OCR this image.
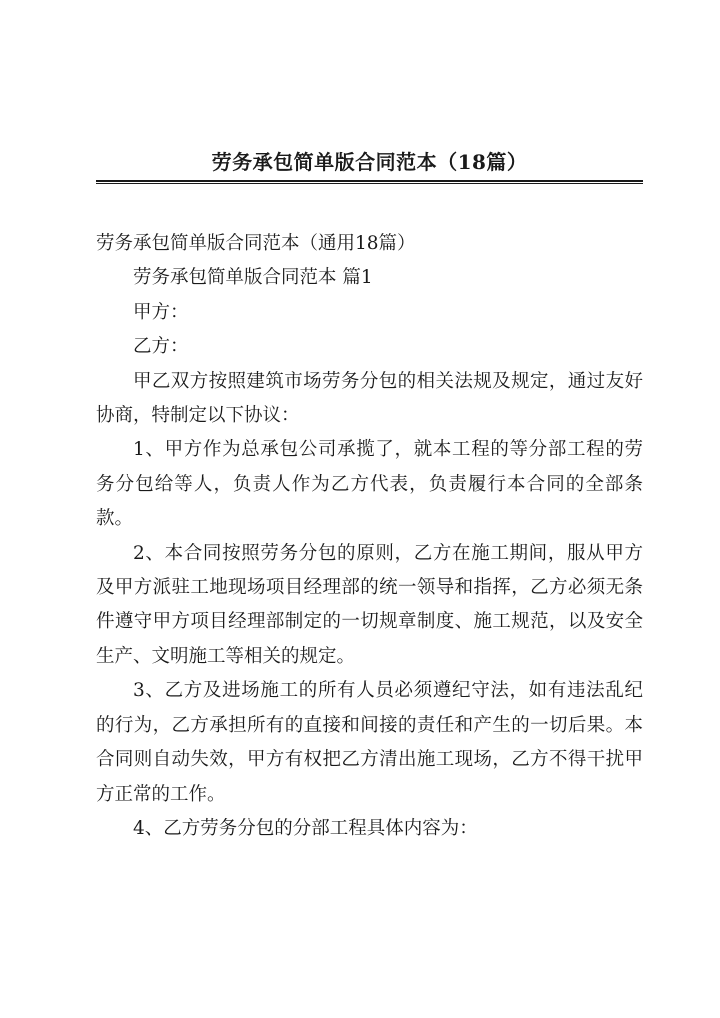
劳务承包简单版合同范本（18篇）

劳务承包简单版合同范本（通用18篇）

劳务承包简单版合同范本 篇1

甲方：

乙方：

甲乙双方按照建筑市场劳务分包的相关法规及规定，通过友好协商，特制定以下协议：

1、甲方作为总承包公司承揽了，就本工程的等分部工程的劳务分包给等人，负责人作为乙方代表，负责履行本合同的全部条款。

2、本合同按照劳务分包的原则，乙方在施工期间，服从甲方及甲方派驻工地现场项目经理部的统一领导和指挥，乙方必须无条件遵守甲方项目经理部制定的一切规章制度、施工规范，以及安全生产、文明施工等相关的规定。

3、乙方及进场施工的所有人员必须遵纪守法，如有违法乱纪的行为，乙方承担所有的直接和间接的责任和产生的一切后果。本合同则自动失效，甲方有权把乙方清出施工现场，乙方不得干扰甲方正常的工作。

4、乙方劳务分包的分部工程具体内容为：
